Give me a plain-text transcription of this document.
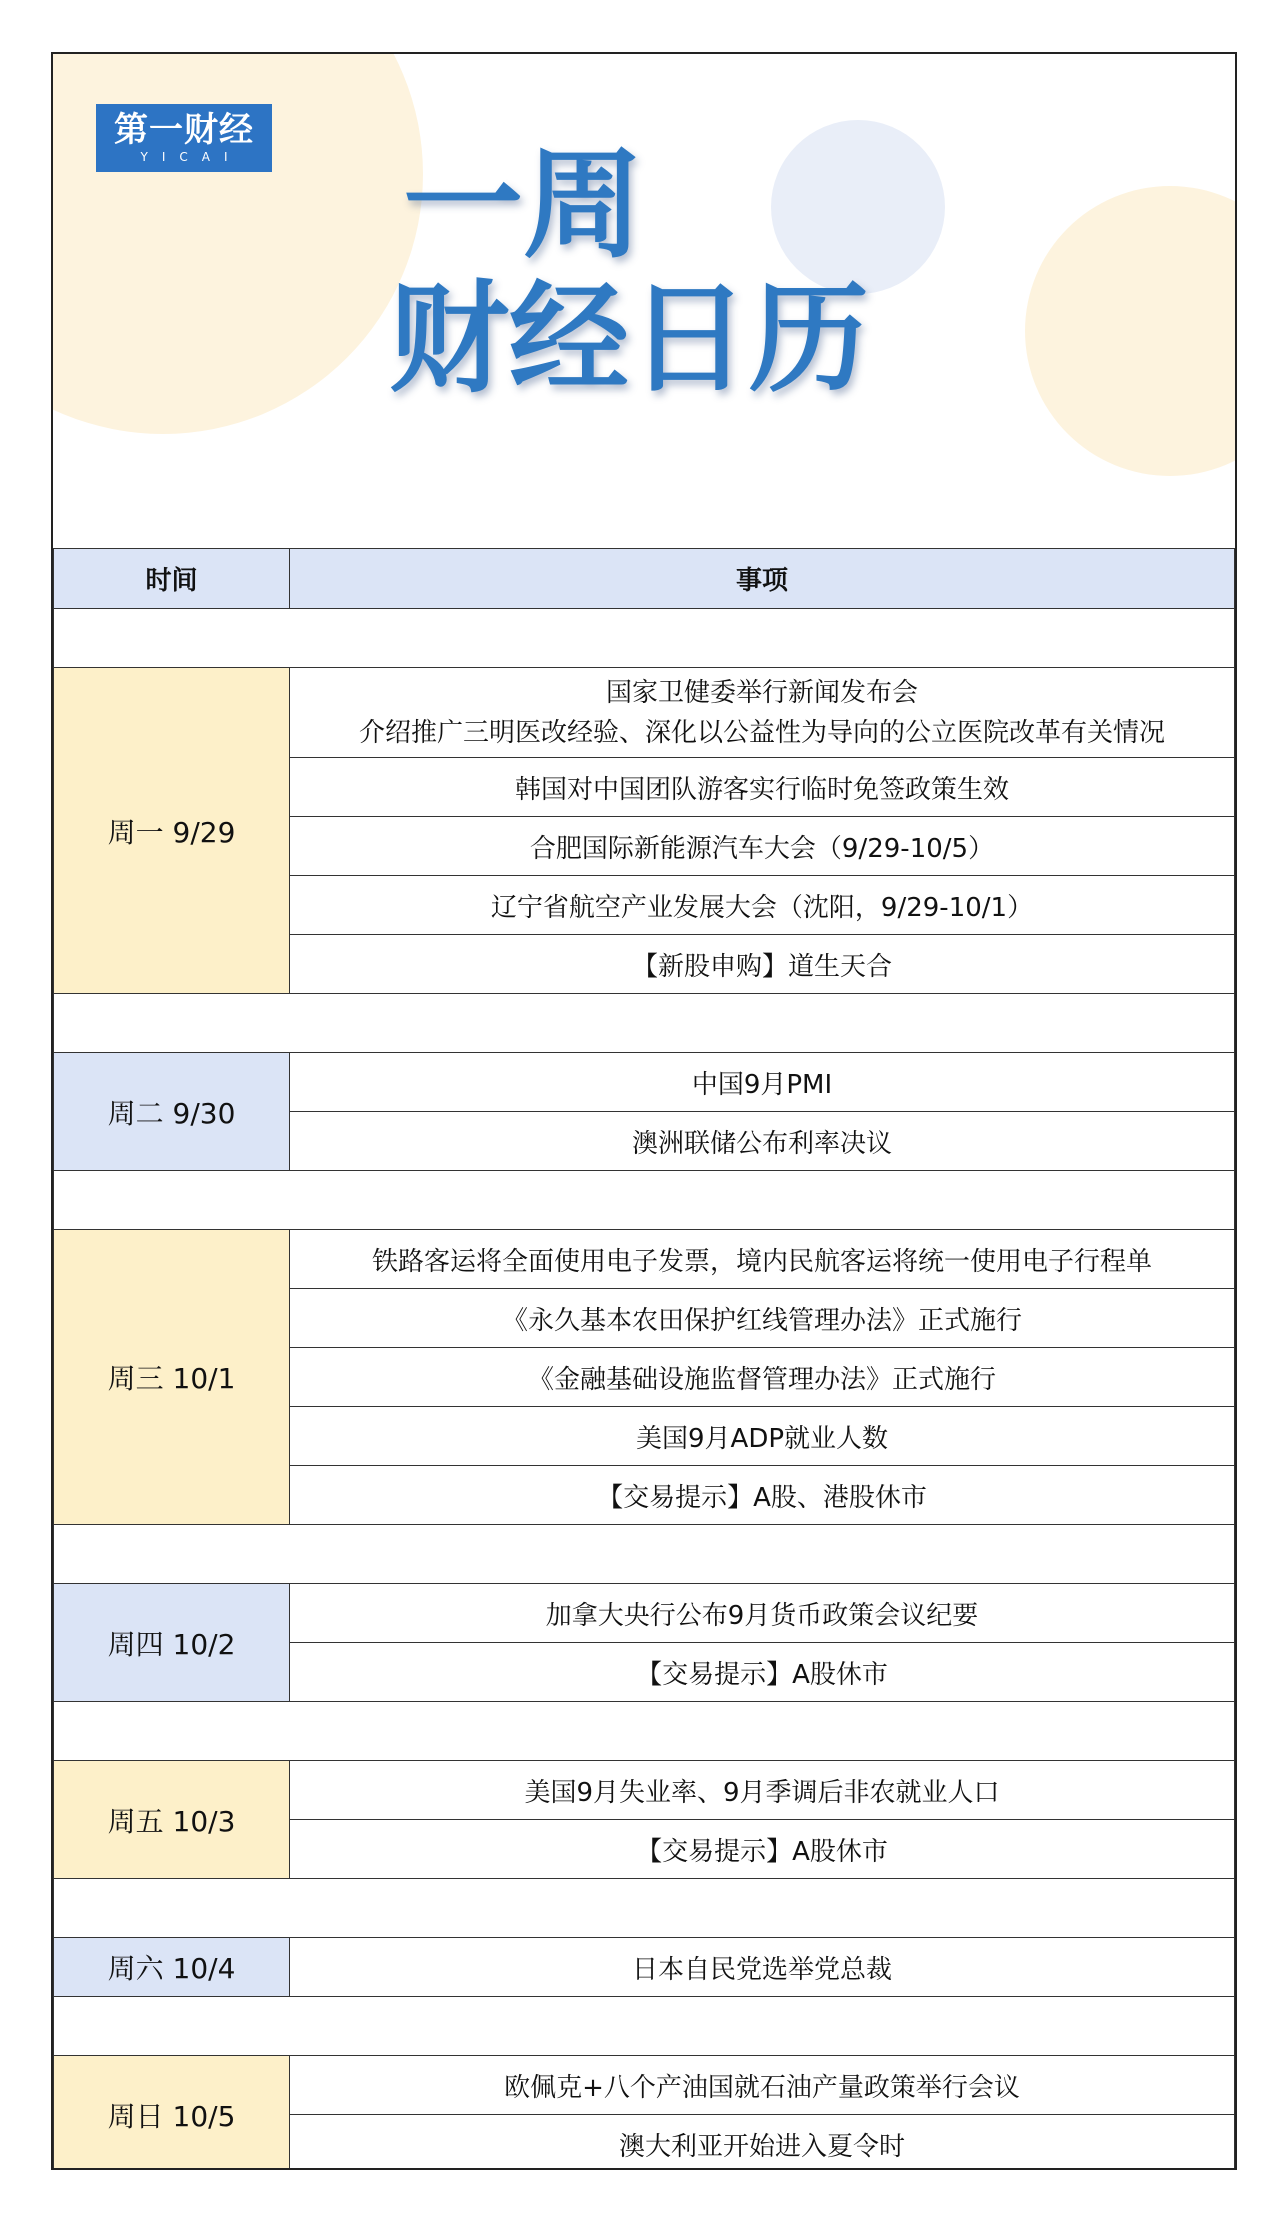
第一财经
YICAI 一周
财经日历
时间	事项

周一 9/29	国家卫健委举行新闻发布会
介绍推广三明医改经验、深化以公益性为导向的公立医院改革有关情况

	韩国对中国团队游客实行临时免签政策生效

	合肥国际新能源汽车大会（9/29-10/5）

	辽宁省航空产业发展大会（沈阳，9/29-10/1）

	【新股申购】道生天合

周二 9/30	中国9月PMI

	澳洲联储公布利率决议

周三 10/1	铁路客运将全面使用电子发票，境内民航客运将统一使用电子行程单

	《永久基本农田保护红线管理办法》正式施行

	《金融基础设施监督管理办法》正式施行

	美国9月ADP就业人数

	【交易提示】A股、港股休市

周四 10/2	加拿大央行公布9月货币政策会议纪要

	【交易提示】A股休市

周五 10/3	美国9月失业率、9月季调后非农就业人口

	【交易提示】A股休市

周六 10/4	日本自民党选举党总裁

周日 10/5	欧佩克+八个产油国就石油产量政策举行会议

	澳大利亚开始进入夏令时
